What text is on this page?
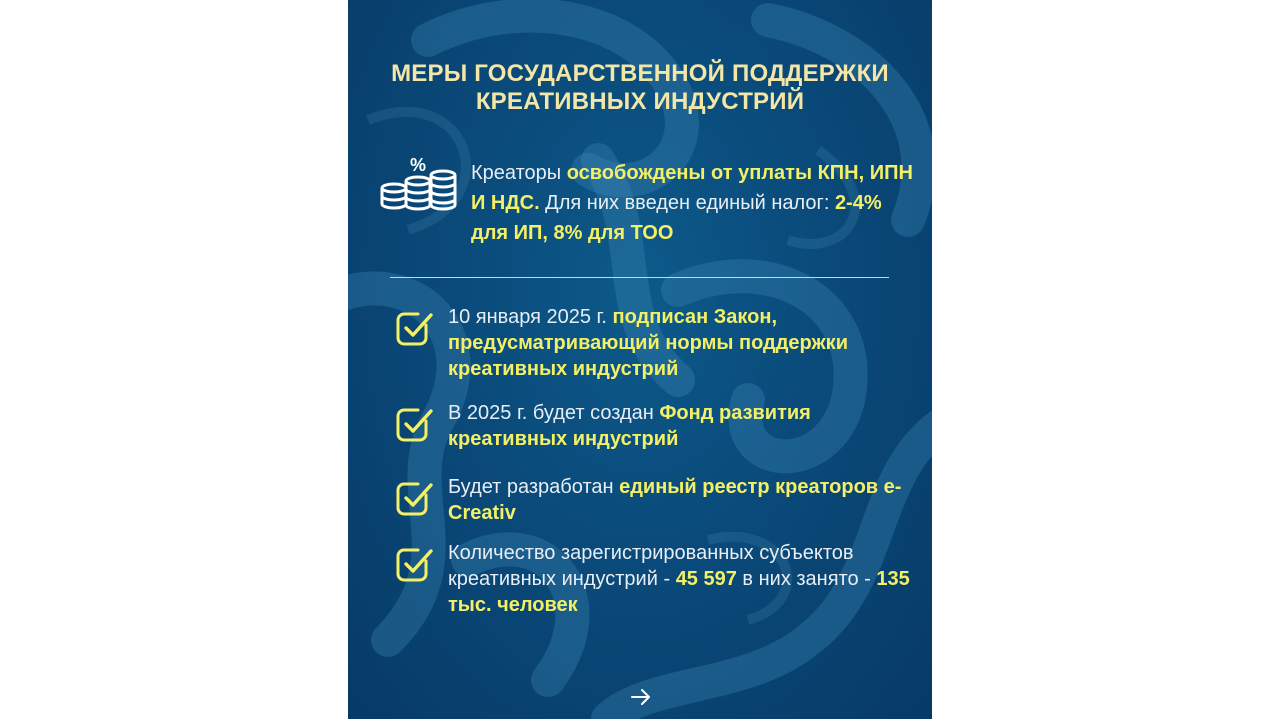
МЕРЫ ГОСУДАРСТВЕННОЙ ПОДДЕРЖКИ
КРЕАТИВНЫХ ИНДУСТРИЙ
% Креаторы освобождены от уплаты КПН, ИПН И НДС. Для них введен единый налог: 2-4% для ИП, 8% для ТОО
10 января 2025 г. подписан Закон, предусматривающий нормы поддержки креативных индустрий
В 2025 г. будет создан Фонд развития креативных индустрий
Будет разработан единый реестр креаторов e-Creativ
Количество зарегистрированных субъектов креативных индустрий - 45 597 в них занято - 135 тыс. человек
